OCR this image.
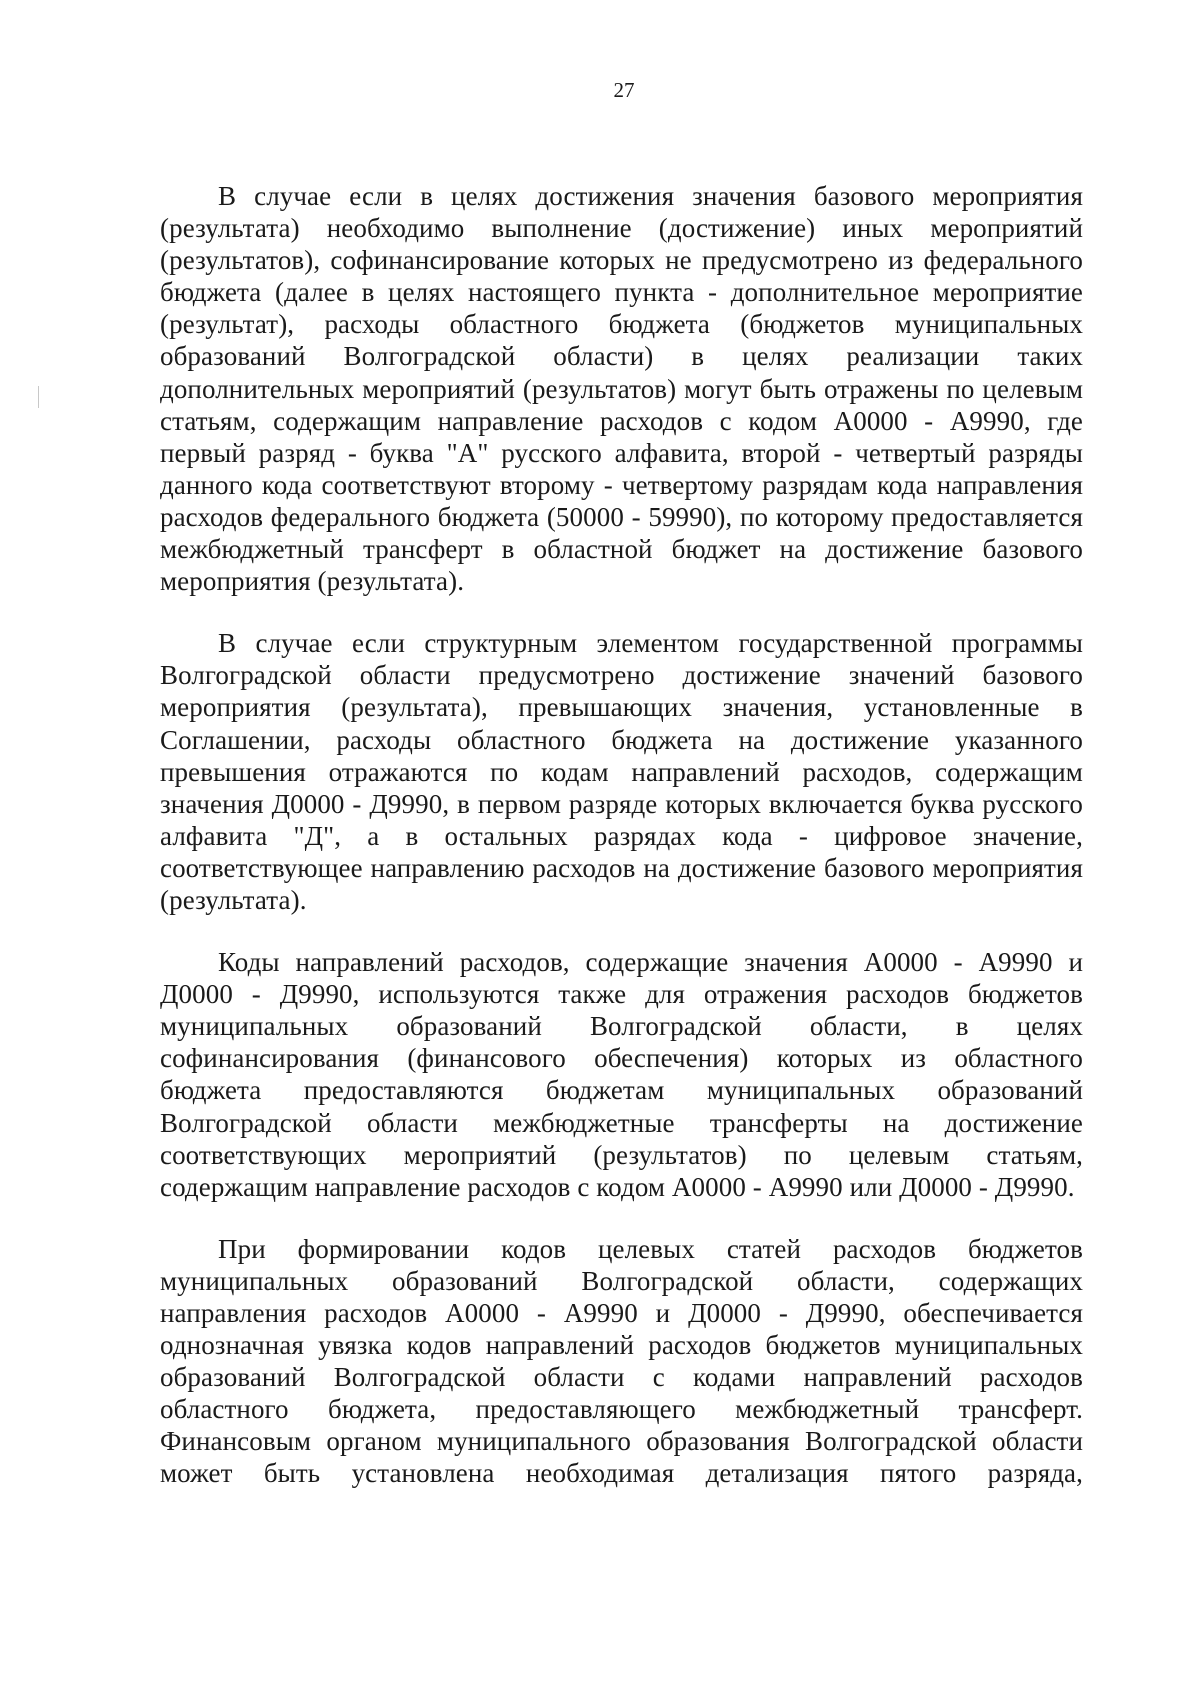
27

В случае если в целях достижения значения базового мероприятия (результата) необходимо выполнение (достижение) иных мероприятий (результатов), софинансирование которых не предусмотрено из федерального бюджета (далее в целях настоящего пункта - дополнительное мероприятие (результат), расходы областного бюджета (бюджетов муниципальных образований Волгоградской области) в целях реализации таких дополнительных мероприятий (результатов) могут быть отражены по целевым статьям, содержащим направление расходов с кодом А0000 - А9990, где первый разряд - буква "А" русского алфавита, второй - четвертый разряды данного кода соответствуют второму - четвертому разрядам кода направления расходов федерального бюджета (50000 - 59990), по которому предоставляется межбюджетный трансферт в областной бюджет на достижение базового мероприятия (результата).

В случае если структурным элементом государственной программы Волгоградской области предусмотрено достижение значений базового мероприятия (результата), превышающих значения, установленные в Соглашении, расходы областного бюджета на достижение указанного превышения отражаются по кодам направлений расходов, содержащим значения Д0000 - Д9990, в первом разряде которых включается буква русского алфавита "Д", а в остальных разрядах кода - цифровое значение, соответствующее направлению расходов на достижение базового мероприятия (результата).

Коды направлений расходов, содержащие значения А0000 - А9990 и Д0000 - Д9990, используются также для отражения расходов бюджетов муниципальных образований Волгоградской области, в целях софинансирования (финансового обеспечения) которых из областного бюджета предоставляются бюджетам муниципальных образований Волгоградской области межбюджетные трансферты на достижение соответствующих мероприятий (результатов) по целевым статьям, содержащим направление расходов с кодом А0000 - А9990 или Д0000 - Д9990.

При формировании кодов целевых статей расходов бюджетов муниципальных образований Волгоградской области, содержащих направления расходов А0000 - А9990 и Д0000 - Д9990, обеспечивается однозначная увязка кодов направлений расходов бюджетов муниципальных образований Волгоградской области с кодами направлений расходов областного бюджета, предоставляющего межбюджетный трансферт. Финансовым органом муниципального образования Волгоградской области может быть установлена необходимая детализация пятого разряда,
